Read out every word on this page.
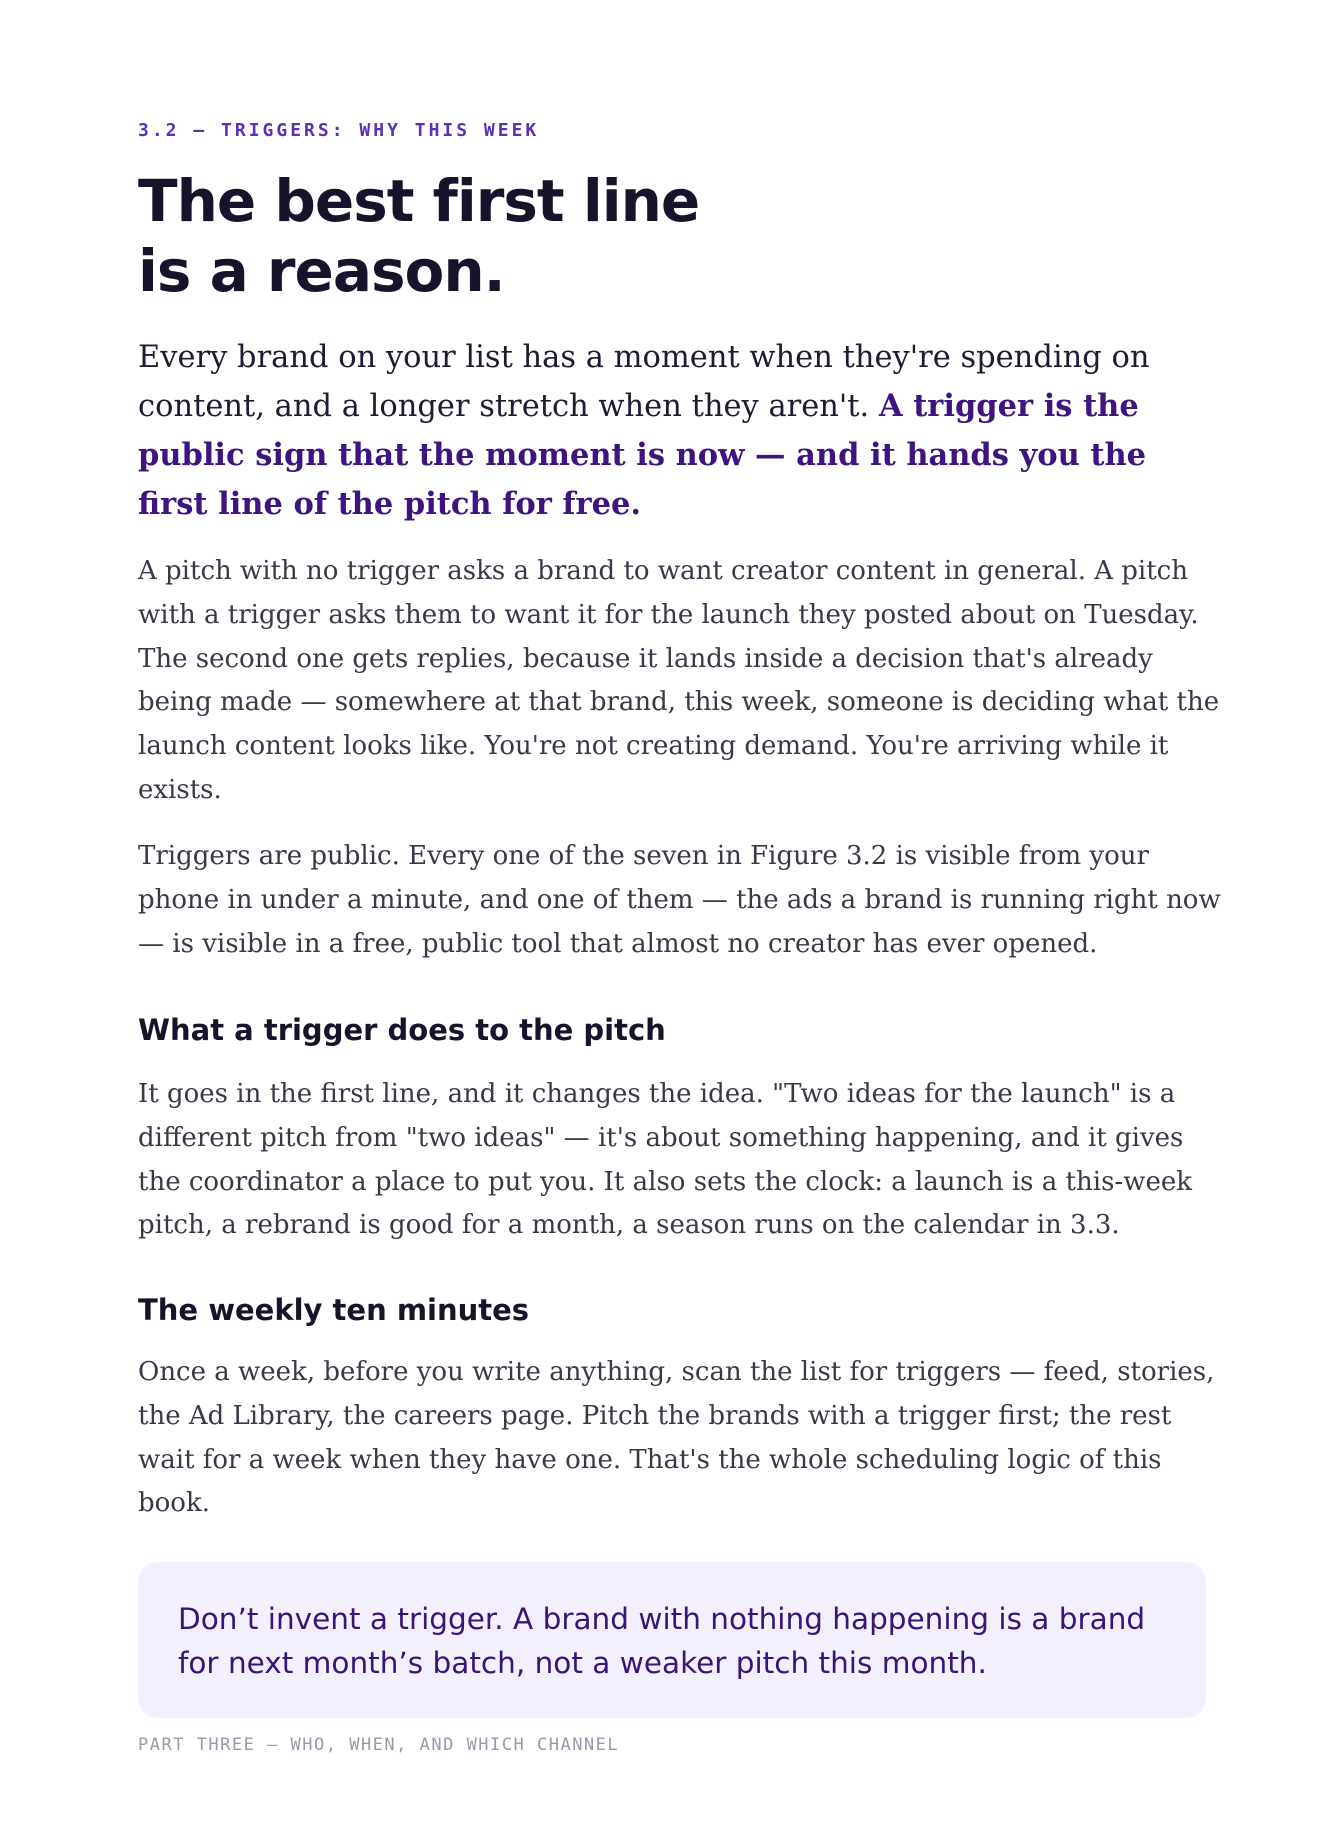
3.2 — TRIGGERS: WHY THIS WEEK
The best first line
is a reason.

Every brand on your list has a moment when they're spending on content, and a longer stretch when they aren't. A trigger is the public sign that the moment is now — and it hands you the first line of the pitch for free.

A pitch with no trigger asks a brand to want creator content in general. A pitch with a trigger asks them to want it for the launch they posted about on Tuesday. The second one gets replies, because it lands inside a decision that's already being made — somewhere at that brand, this week, someone is deciding what the launch content looks like. You're not creating demand. You're arriving while it exists.

Triggers are public. Every one of the seven in Figure 3.2 is visible from your phone in under a minute, and one of them — the ads a brand is running right now — is visible in a free, public tool that almost no creator has ever opened.

What a trigger does to the pitch

It goes in the first line, and it changes the idea. "Two ideas for the launch" is a different pitch from "two ideas" — it's about something happening, and it gives the coordinator a place to put you. It also sets the clock: a launch is a this-week pitch, a rebrand is good for a month, a season runs on the calendar in 3.3.

The weekly ten minutes

Once a week, before you write anything, scan the list for triggers — feed, stories, the Ad Library, the careers page. Pitch the brands with a trigger first; the rest wait for a week when they have one. That's the whole scheduling logic of this book.

Don’t invent a trigger. A brand with nothing happening is a brand for next month’s batch, not a weaker pitch this month.

PART THREE — WHO, WHEN, AND WHICH CHANNEL
